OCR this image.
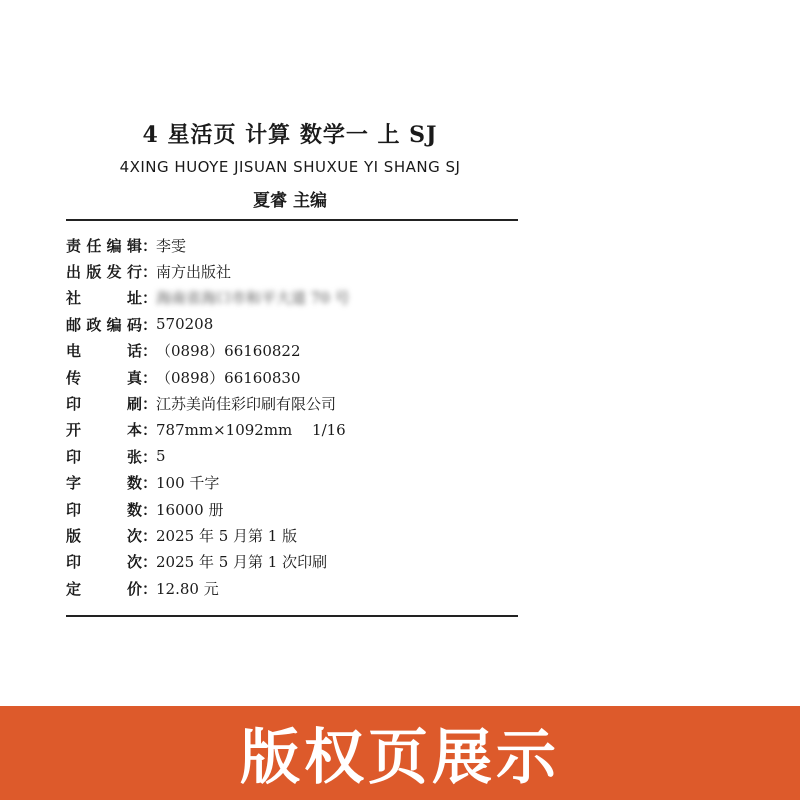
4 星活页 计算 数学一 上 SJ
4XING HUOYE JISUAN SHUXUE YI SHANG SJ
夏睿 主编
责 任 编 辑 ：
李雯
出 版 发 行 ：
南方出版社
社	址 ：
海南省海口市和平大道 70 号
邮 政 编 码 ：
570208
电	话 ：
（0898）66160822
传	真 ：
（0898）66160830
印	刷 ：
江苏美尚佳彩印刷有限公司
开	本 ：
787mm×1092mm　 1/16
印	张 ：
5
字	数 ：
100 千字
印	数 ：
16000 册
版	次 ：
2025 年 5 月第 1 版
印	次 ：
2025 年 5 月第 1 次印刷
定	价 ：
12.80 元
版权页展示
